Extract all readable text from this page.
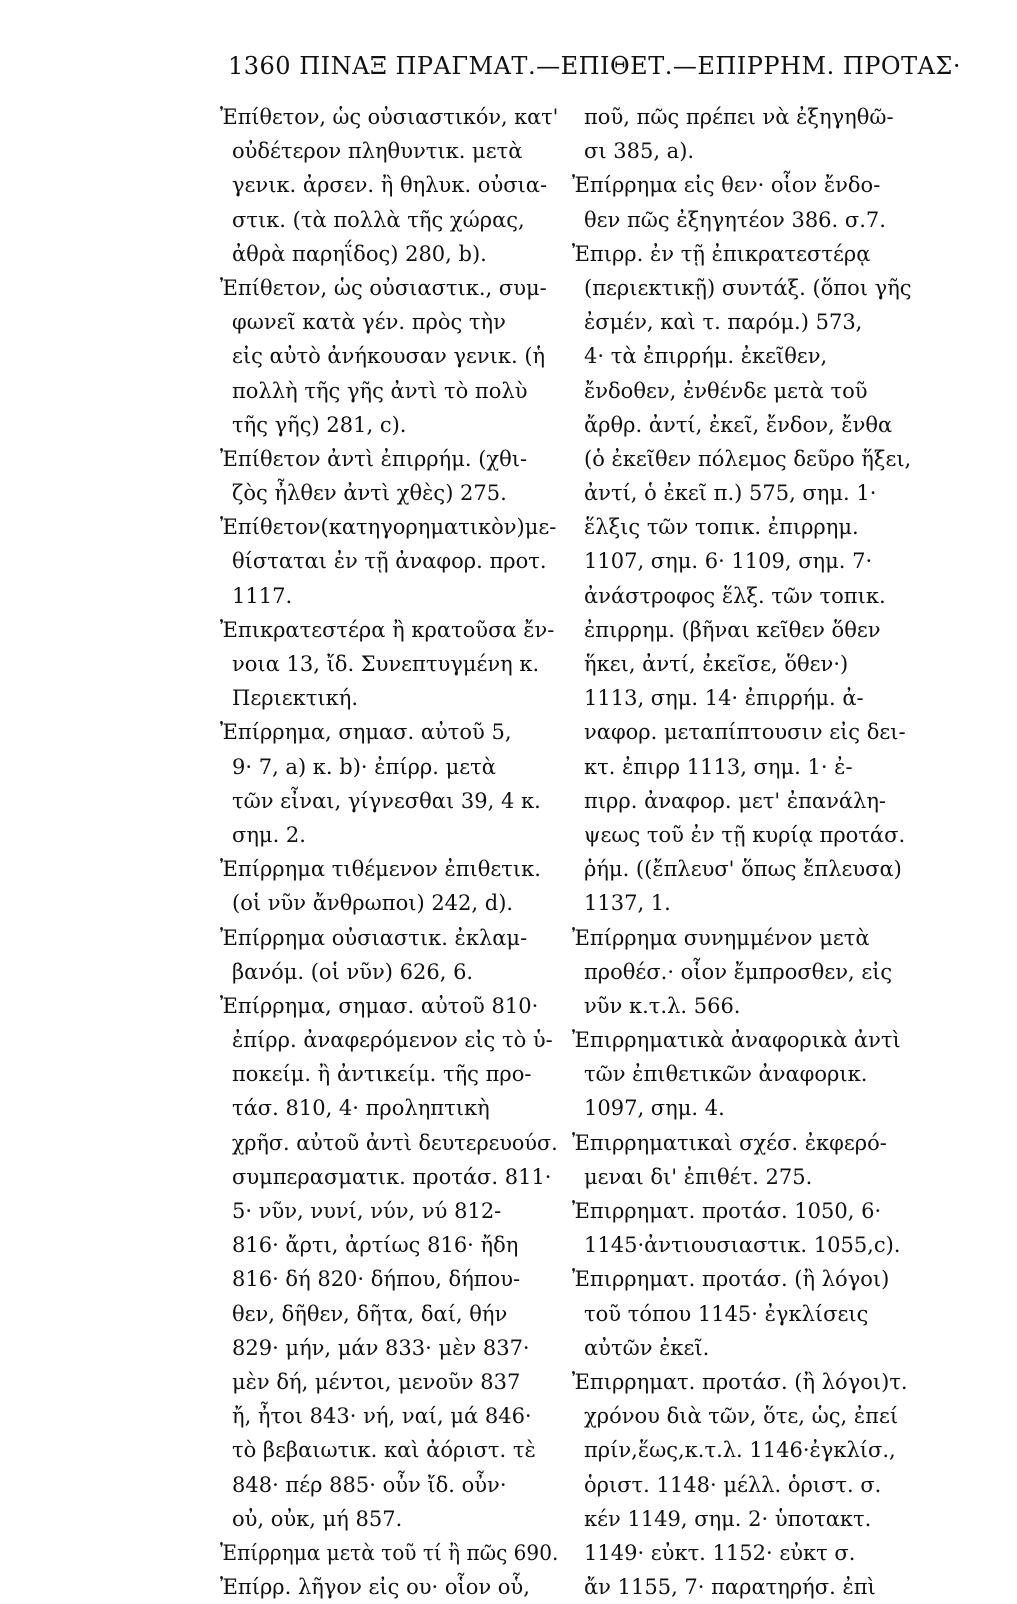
1360 ΠΙΝΑΞ ΠΡΑΓΜΑΤ.—ΕΠΙΘΕΤ.—ΕΠΙΡΡΗΜ. ΠΡΟΤΑΣ·
Ἐπίθετον, ὡς οὐσιαστικόν, κατ'
οὐδέτερον πληθυντικ. μετὰ
γενικ. ἀρσεν. ἢ θηλυκ. οὐσια-
στικ. (τὰ πολλὰ τῆς χώρας,
ἀθρὰ παρηΐδος) 280, b).
Ἐπίθετον, ὡς οὐσιαστικ., συμ-
φωνεῖ κατὰ γέν. πρὸς τὴν
εἰς αὐτὸ ἀνήκουσαν γενικ. (ἡ
πολλὴ τῆς γῆς ἀντὶ τὸ πολὺ
τῆς γῆς) 281, c).
Ἐπίθετον ἀντὶ ἐπιρρήμ. (χθι-
ζὸς ἦλθεν ἀντὶ χθὲς) 275.
Ἐπίθετον(κατηγορηματικὸν)με-
θίσταται ἐν τῇ ἀναφορ. προτ.
1117.
Ἐπικρατεστέρα ἢ κρατοῦσα ἔν-
νοια 13, ἴδ. Συνεπτυγμένη κ.
Περιεκτική.
Ἐπίρρημα, σημασ. αὐτοῦ 5,
9· 7, a) κ. b)· ἐπίρρ. μετὰ
τῶν εἶναι, γίγνεσθαι 39, 4 κ.
σημ. 2.
Ἐπίρρημα τιθέμενον ἐπιθετικ.
(οἱ νῦν ἄνθρωποι) 242, d).
Ἐπίρρημα οὐσιαστικ. ἐκλαμ-
βανόμ. (οἱ νῦν) 626, 6.
Ἐπίρρημα, σημασ. αὐτοῦ 810·
ἐπίρρ. ἀναφερόμενον εἰς τὸ ὑ-
ποκείμ. ἢ ἀντικείμ. τῆς προ-
τάσ. 810, 4· προληπτικὴ
χρῆσ. αὐτοῦ ἀντὶ δευτερευούσ.
συμπερασματικ. προτάσ. 811·
5· νῦν, νυνί, νύν, νύ 812-
816· ἄρτι, ἀρτίως 816· ἤδη
816· δή 820· δήπου, δήπου-
θεν, δῆθεν, δῆτα, δαί, θήν
829· μήν, μάν 833· μὲν 837·
μὲν δή, μέντοι, μενοῦν 837
ἤ, ἦτοι 843· νή, ναί, μά 846·
τὸ βεβαιωτικ. καὶ ἀόριστ. τὲ
848· πέρ 885· οὖν ἴδ. οὖν·
οὐ, οὐκ, μή 857.
Ἐπίρρημα μετὰ τοῦ τί ἢ πῶς 690.
Ἐπίρρ. λῆγον εἰς ου· οἷον οὗ,
ποῦ, πῶς πρέπει νὰ ἐξηγηθῶ-
σι 385, a).
Ἐπίρρημα εἰς θεν· οἷον ἔνδο-
θεν πῶς ἐξηγητέον 386. σ.7.
Ἐπιρρ. ἐν τῇ ἐπικρατεστέρᾳ
(περιεκτικῇ) συντάξ. (ὅποι γῆς
ἐσμέν, καὶ τ. παρόμ.) 573,
4· τὰ ἐπιρρήμ. ἐκεῖθεν,
ἔνδοθεν, ἐνθένδε μετὰ τοῦ
ἄρθρ. ἀντί, ἐκεῖ, ἔνδον, ἔνθα
(ὁ ἐκεῖθεν πόλεμος δεῦρο ἥξει,
ἀντί, ὁ ἐκεῖ π.) 575, σημ. 1·
ἕλξις τῶν τοπικ. ἐπιρρημ.
1107, σημ. 6· 1109, σημ. 7·
ἀνάστροφος ἕλξ. τῶν τοπικ.
ἐπιρρημ. (βῆναι κεῖθεν ὅθεν
ἥκει, ἀντί, ἐκεῖσε, ὅθεν·)
1113, σημ. 14· ἐπιρρήμ. ἀ-
ναφορ. μεταπίπτουσιν εἰς δει-
κτ. ἐπιρρ 1113, σημ. 1· ἐ-
πιρρ. ἀναφορ. μετ' ἐπανάλη-
ψεως τοῦ ἐν τῇ κυρίᾳ προτάσ.
ῥήμ. ((ἔπλευσ' ὅπως ἔπλευσα)
1137, 1.
Ἐπίρρημα συνημμένον μετὰ
προθέσ.· οἷον ἔμπροσθεν, εἰς
νῦν κ.τ.λ. 566.
Ἐπιρρηματικὰ ἀναφορικὰ ἀντὶ
τῶν ἐπιθετικῶν ἀναφορικ.
1097, σημ. 4.
Ἐπιρρηματικαὶ σχέσ. ἐκφερό-
μεναι δι' ἐπιθέτ. 275.
Ἐπιρρηματ. προτάσ. 1050, 6·
1145·ἀντιουσιαστικ. 1055,c).
Ἐπιρρηματ. προτάσ. (ἢ λόγοι)
τοῦ τόπου 1145· ἐγκλίσεις
αὐτῶν ἐκεῖ.
Ἐπιρρηματ. προτάσ. (ἢ λόγοι)τ.
χρόνου διὰ τῶν, ὅτε, ὡς, ἐπεί
πρίν,ἕως,κ.τ.λ. 1146·ἐγκλίσ.,
ὁριστ. 1148· μέλλ. ὁριστ. σ.
κέν 1149, σημ. 2· ὑποτακτ.
1149· εὐκτ. 1152· εὐκτ σ.
ἄν 1155, 7· παρατηρήσ. ἐπὶ
